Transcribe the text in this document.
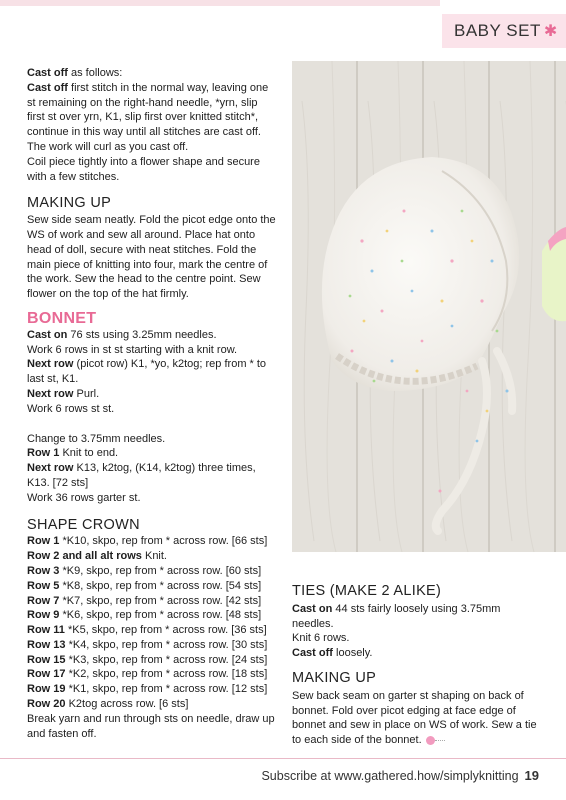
BABY SET ✱

Cast off as follows:

Cast off first stitch in the normal way, leaving one st remaining on the right-hand needle, *yrn, slip first st over yrn, K1, slip first over knitted stitch*, continue in this way until all stitches are cast off. The work will curl as you cast off.

Coil piece tightly into a flower shape and secure with a few stitches.

MAKING UP

Sew side seam neatly. Fold the picot edge onto the WS of work and sew all around. Place hat onto head of doll, secure with neat stitches. Fold the main piece of knitting into four, mark the centre of the work. Sew the head to the centre point. Sew flower on the top of the hat firmly.

BONNET

Cast on 76 sts using 3.25mm needles.

Work 6 rows in st st starting with a knit row.

Next row (picot row) K1, *yo, k2tog; rep from * to last st, K1.

Next row Purl.

Work 6 rows st st.

Change to 3.75mm needles.

Row 1 Knit to end.

Next row K13, k2tog, (K14, k2tog) three times, K13. [72 sts]

Work 36 rows garter st.

SHAPE CROWN

Row 1 *K10, skpo, rep from * across row. [66 sts]

Row 2 and all alt rows Knit.

Row 3 *K9, skpo, rep from * across row. [60 sts]

Row 5 *K8, skpo, rep from * across row. [54 sts]

Row 7 *K7, skpo, rep from * across row. [42 sts]

Row 9 *K6, skpo, rep from * across row. [48 sts]

Row 11 *K5, skpo, rep from * across row. [36 sts]

Row 13 *K4, skpo, rep from * across row. [30 sts]

Row 15 *K3, skpo, rep from * across row. [24 sts]

Row 17 *K2, skpo, rep from * across row. [18 sts]

Row 19 *K1, skpo, rep from * across row. [12 sts]

Row 20 K2tog across row. [6 sts]

Break yarn and run through sts on needle, draw up and fasten off.

TIES (MAKE 2 ALIKE)

Cast on 44 sts fairly loosely using 3.75mm needles.

Knit 6 rows.

Cast off loosely.

MAKING UP

Sew back seam on garter st shaping on back of bonnet. Fold over picot edging at face edge of bonnet and sew in place on WS of work. Sew a tie to each side of the bonnet.

Subscribe at www.gathered.how/simplyknitting 19
